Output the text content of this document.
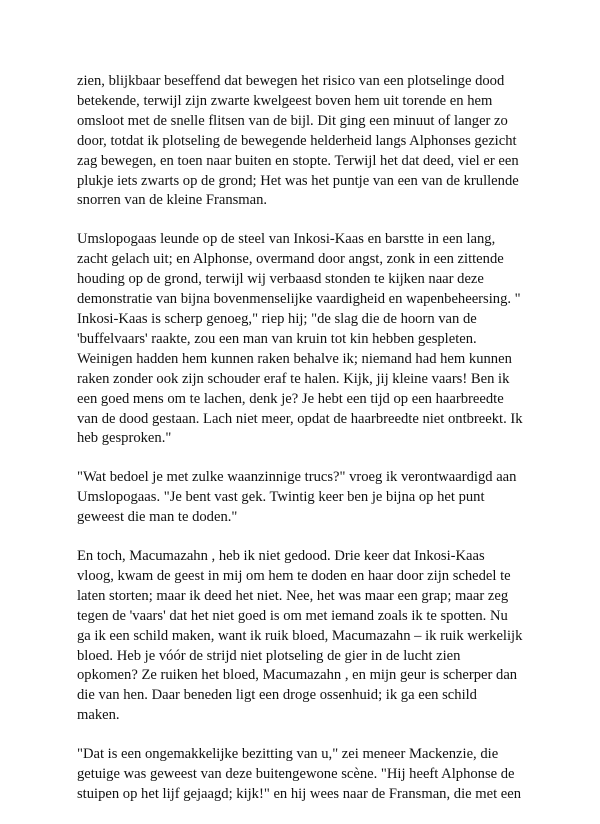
zien, blijkbaar beseffend dat bewegen het risico van een plotselinge dood
betekende, terwijl zijn zwarte kwelgeest boven hem uit torende en hem
omsloot met de snelle flitsen van de bijl. Dit ging een minuut of langer zo
door, totdat ik plotseling de bewegende helderheid langs Alphonses gezicht
zag bewegen, en toen naar buiten en stopte. Terwijl het dat deed, viel er een
plukje iets zwarts op de grond; Het was het puntje van een van de krullende
snorren van de kleine Fransman.

Umslopogaas leunde op de steel van Inkosi-Kaas en barstte in een lang,
zacht gelach uit; en Alphonse, overmand door angst, zonk in een zittende
houding op de grond, terwijl wij verbaasd stonden te kijken naar deze
demonstratie van bijna bovenmenselijke vaardigheid en wapenbeheersing. "
Inkosi-Kaas is scherp genoeg," riep hij; "de slag die de hoorn van de
'buffelvaars' raakte, zou een man van kruin tot kin hebben gespleten.
Weinigen hadden hem kunnen raken behalve ik; niemand had hem kunnen
raken zonder ook zijn schouder eraf te halen. Kijk, jij kleine vaars! Ben ik
een goed mens om te lachen, denk je? Je hebt een tijd op een haarbreedte
van de dood gestaan. Lach niet meer, opdat de haarbreedte niet ontbreekt. Ik
heb gesproken."

"Wat bedoel je met zulke waanzinnige trucs?" vroeg ik verontwaardigd aan
Umslopogaas. "Je bent vast gek. Twintig keer ben je bijna op het punt
geweest die man te doden."

En toch, Macumazahn , heb ik niet gedood. Drie keer dat Inkosi-Kaas
vloog, kwam de geest in mij om hem te doden en haar door zijn schedel te
laten storten; maar ik deed het niet. Nee, het was maar een grap; maar zeg
tegen de 'vaars' dat het niet goed is om met iemand zoals ik te spotten. Nu
ga ik een schild maken, want ik ruik bloed, Macumazahn – ik ruik werkelijk
bloed. Heb je vóór de strijd niet plotseling de gier in de lucht zien
opkomen? Ze ruiken het bloed, Macumazahn , en mijn geur is scherper dan
die van hen. Daar beneden ligt een droge ossenhuid; ik ga een schild
maken.

"Dat is een ongemakkelijke bezitting van u," zei meneer Mackenzie, die
getuige was geweest van deze buitengewone scène. "Hij heeft Alphonse de
stuipen op het lijf gejaagd; kijk!" en hij wees naar de Fransman, die met een
